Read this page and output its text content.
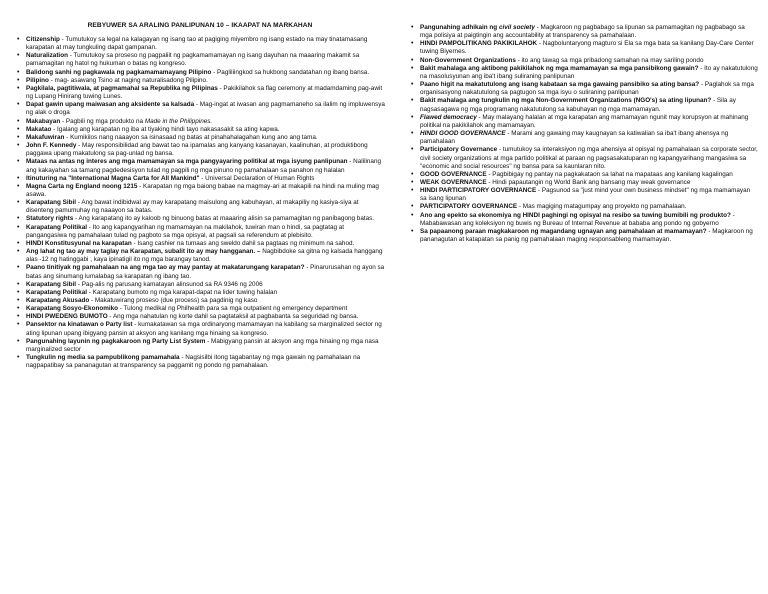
REBYUWER SA ARALING PANLIPUNAN 10 – IKAAPAT NA MARKAHAN
• Citizenship - Tumutukoy sa legal na kalagayan ng isang tao at pagiging miyembro ng isang estado na may tinatamasang karapatan at may tungkuling dapat gampanan.
• Naturalization - Tumutukoy sa proseso ng pagpaliit ng pagkamamamayan ng isang dayuhan na maaaring makamit sa pamamagitan ng hatol ng hukuman o batas ng kongreso.
• Balidong sanhi ng pagkawala ng pagkamamamayang Pilipino - Pagliliingkod sa hukbong sandatahan ng ibang bansa.
• Pilipino - mag- asawang Tsino at naging naturalisadong Pilipino.
• Pagkilala, pagtitiwala, at pagmamahal sa Republika ng Pilipinas - Pakikilahok sa flag ceremony at madamdaming pag-awit ng Lupang Hinirang tuwing Lunes.
• Dapat gawin upang maiwasan ang aksidente sa kalsada - Mag-ingat at iwasan ang pagmamaneho sa ilalim ng impluwensya ng alak o droga
• Makabayan - Pagbili ng mga produkto na Made in the Philippines.
• Makatao - Igalang ang karapatan ng iba at tiyaking hindi tayo nakasasakit sa ating kapwa.
• Makafuwiran - Kumikilos nang naaayon sa isinasaad ng batas at pinahahalagahan kung ano ang tama.
• John F. Kennedy - May responsibilidad ang bawat tao na ipamalas ang kanyang kasanayan, kaalinuhan, at produktibong paggawa upang makatulong sa pag-unlad ng bansa.
• Mataas na antas ng interes ang mga mamamayan sa mga pangyayaring politikal at mga isyung panlipunan - Nalilinang ang kakayahan sa tamang pagdedesisyon tulad ng pagpili ng mga pinuno ng pamahalaan sa panahon ng halalan
• Itinuturing na "International Magna Carta for All Mankind" - Universal Declaration of Human Rights
• Magna Carta ng England noong 1215 - Karapatan ng mga baiong babae na magmay-ari at makapili na hindi na muling mag asawa.
• Karapatang Sibil - Ang bawat indibidwal ay may karapatang maisulong ang kabuhayan, at makapiliy ng kasiya-siya at disenteng pamumuhay ng naaayon sa batas.
• Statutory rights - Ang karapatang ito ay kaloob ng binuong batas at maaaring alisin sa pamamagitan ng panibagong batas.
• Karapatang Politikal - Ito ang kapangyarihan ng mamamayan na makilahok, tuwiran man o hindi, sa pagtatag at pangangasiwa ng pamahalaan tulad ng pagboto sa mga opisyal, at pagsali sa referendum at plebisito.
• HINDI Konstitusyunal na karapatan - Isang cashier na tumaas ang sweldo dahil sa pagtaas ng minimum na sahod.
• Ang lahat ng tao ay may taglay na Karapatan, subalit ito ay may hangganan. – Nagbibdoke sa gitna ng kalsada hanggang alas -12 ng hatinggabi , kaya ipinatigil ito ng mga barangay tanod.
• Paano tinitiyak ng pamahalaan na ang mga tao ay may pantay at makatarungang karapatan? - Pinarurusahan ng ayon sa batas ang sinumang lumalabag sa karapatan ng ibang tao.
• Karapatang Sibil - Pag-alis ng parusang kamatayan alinsunod sa RA 9346 ng 2006
• Karapatang Politikal - Karapatang bumoto ng mga karapat-dapat na lider tuwing halalan
• Karapatang Akusado - Makatuwirang proseso (due process) sa pagdinig ng kaso
• Karapatang Sosyo-Ekonomiko - Tulong medikal ng Philhealth para sa mga outpatient ng emergency department
• HINDI PWEDENG BUMOTO - Ang mga nahatulan ng korte dahil sa pagtataksil at pagbabanta sa seguridad ng bansa.
• Pansektor na kinatawan o Party list - kumakatawan sa mga ordinaryong mamamayan na kabilang sa marginalized sector ng ating lipunan upang ibigyang pansin at aksyon ang kanilang mga hinaing sa kongreso.
• Pangunahing layunin ng pagkakaroon ng Party List System - Mabigyang pansin at aksyon ang mga hinaing ng mga nasa marginalized sector
• Tungkulin ng media sa pampublikong pamamahala - Nagsisilbi itong tagabantay ng mga gawain ng pamahalaan na nagpapatibay sa pananagutan at transparency sa paggamit ng pondo ng pamahalaan.
• Pangunahing adhikain ng civil society - Magkaroon ng pagbabago sa lipunan sa pamamagitan ng pagbabago sa mga polisiya at paigtingin ang accountability at transparency sa pamahalaan.
• HINDI PAMPOLITIKANG PAKIKILAHOK - Nagboluntaryong magturo si Ela sa mga bata sa kanilang Day-Care Center tuwing Biyernes.
• Non-Government Organizations - ito ang tawag sa mga pribadong samahan na may sariling pondo
• Bakit mahalaga ang aktibong pakikilahok ng mga mamamayan sa mga pansibikong gawain? - Ito ay nakatutulong na masolusyunan ang iba't ibang suliraning panlipunan
• Paano higit na makatutulong ang isang kabataan sa mga gawaing pansibiko sa ating bansa? - Paglahok sa mga organisasyong nakatutulong sa pagtugon sa mga isyu o suliraning panlipunan
• Bakit mahalaga ang tungkulin ng mga Non-Government Organizations (NGO's) sa ating lipunan? - Sila ay nagsasagawa ng mga programang nakatutulong sa kabuhayan ng mga mamamayan.
• Flawed democracy - May malayang halalan at mga karapatan ang mamamayan ngunit may korupsyon at mahinang politikal na pakikilahok ang mamamayan.
• HINDI GOOD GOVERNANCE - Marami ang gawaing may kaugnayan sa katiwalian sa iba't ibang ahensya ng pamahalaan
• Participatory Governance - tumutukoy sa interaksiyon ng mga ahensiya at opisyal ng pamahalaan sa corporate sector, civil society organizations at mga partido politikal at paraan ng pagsasakatuparan ng kapangyarihang mangasiwa sa "economic and social resources" ng bansa para sa kaunlaran nito.
• GOOD GOVERNANCE - Pagbibigay ng pantay na pagkakataon sa lahat na mapataas ang kanilang kagalingan
• WEAK GOVERNANCE - Hindi papautangin ng World Bank ang bansang may weak governance
• HINDI PARTICIPATORY GOVERNANCE - Pagsunod sa "just mind your own business mindset" ng mga mamamayan sa isang lipunan
• PARTICIPATORY GOVERNANCE - Mas magiging matagumpay ang proyekto ng pamahalaan.
• Ano ang epekto sa ekonomiya ng HINDI paghingi ng opisyal na resibo sa tuwing bumibili ng produkto? - Mababawasan ang koleksiyon ng buwis ng Bureau of Internal Revenue at bababa ang pondo ng gobyerno
• Sa papaanong paraan magkakaroon ng magandang ugnayan ang pamahalaan at mamamayan? - Magkaroon ng pananagutan at katapatan sa panig ng pamahalaan maging responsableng mamamayan.
